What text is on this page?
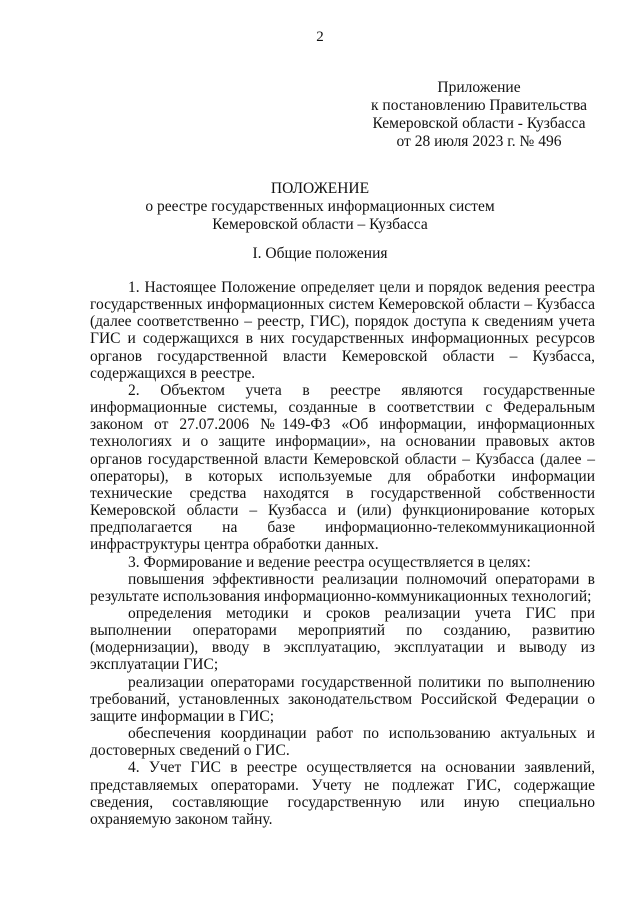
2
Приложение
к постановлению Правительства
Кемеровской области - Кузбасса
от 28 июля 2023 г. № 496
ПОЛОЖЕНИЕ
о реестре государственных информационных систем
Кемеровской области – Кузбасса
I. Общие положения

1. Настоящее Положение определяет цели и порядок ведения реестра государственных информационных систем Кемеровской области – Кузбасса (далее соответственно – реестр, ГИС), порядок доступа к сведениям учета ГИС и содержащихся в них государственных информационных ресурсов органов государственной власти Кемеровской области – Кузбасса, содержащихся в реестре.

2. Объектом учета в реестре являются государственные информационные системы, созданные в соответствии с Федеральным законом от 27.07.2006 №149-ФЗ «Об информации, информационных технологиях и о защите информации», на основании правовых актов органов государственной власти Кемеровской области – Кузбасса (далее – операторы), в которых используемые для обработки информации технические средства находятся в государственной собственности Кемеровской области – Кузбасса и (или) функционирование которых предполагается на базе информационно-телекоммуникационной инфраструктуры центра обработки данных.

3. Формирование и ведение реестра осуществляется в целях:

повышения эффективности реализации полномочий операторами в результате использования информационно-коммуникационных технологий;

определения методики и сроков реализации учета ГИС при выполнении операторами мероприятий по созданию, развитию (модернизации), вводу в эксплуатацию, эксплуатации и выводу из эксплуатации ГИС;

реализации операторами государственной политики по выполнению требований, установленных законодательством Российской Федерации о защите информации в ГИС;

обеспечения координации работ по использованию актуальных и достоверных сведений о ГИС.

4. Учет ГИС в реестре осуществляется на основании заявлений, представляемых операторами. Учету не подлежат ГИС, содержащие сведения, составляющие государственную или иную специально охраняемую законом тайну.
